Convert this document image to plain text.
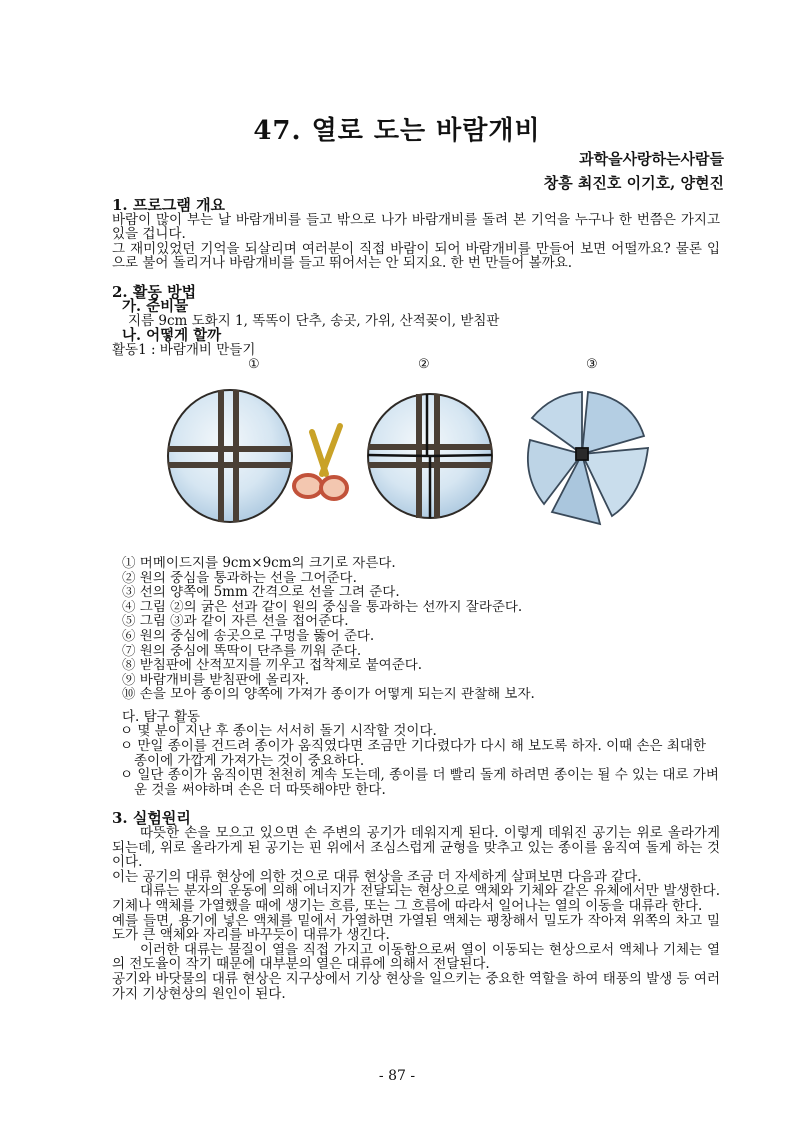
47. 열로 도는 바람개비
과학을사랑하는사람들
창흥 최진호 이기호, 양현진
1. 프로그램 개요
바람이 많이 부는 날 바람개비를 들고 밖으로 나가 바람개비를 돌려 본 기억을 누구나 한 번쯤은 가지고 있을 겁니다.
그 재미있었던 기억을 되살리며 여러분이 직접 바람이 되어 바람개비를 만들어 보면 어떨까요? 물론 입으로 불어 돌리거나 바람개비를 들고 뛰어서는 안 되지요. 한 번 만들어 볼까요.
2. 활동 방법
가. 준비물
지름 9cm 도화지 1, 똑똑이 단추, 송곳, 가위, 산적꽂이, 받침판
나. 어떻게 할까
활동1 : 바람개비 만들기
①	②	③
① 머메이드지를 9cm×9cm의 크기로 자른다.
② 원의 중심을 통과하는 선을 그어준다.
③ 선의 양쪽에 5mm 간격으로 선을 그려 준다.
④ 그림 ②의 굵은 선과 같이 원의 중심을 통과하는 선까지 잘라준다.
⑤ 그림 ③과 같이 자른 선을 접어준다.
⑥ 원의 중심에 송곳으로 구멍을 뚫어 준다.
⑦ 원의 중심에 똑딱이 단추를 끼워 준다.
⑧ 받침판에 산적꼬지를 끼우고 접착제로 붙여준다.
⑨ 바람개비를 받침판에 올리자.
⑩ 손을 모아 종이의 양쪽에 가져가 종이가 어떻게 되는지 관찰해 보자.
다. 탐구 활동
ㅇ 몇 분이 지난 후 종이는 서서히 돌기 시작할 것이다.
ㅇ 만일 종이를 건드려 종이가 움직였다면 조금만 기다렸다가 다시 해 보도록 하자. 이때 손은 최대한 종이에 가깝게 가져가는 것이 중요하다.
ㅇ 일단 종이가 움직이면 천천히 계속 도는데, 종이를 더 빨리 돌게 하려면 종이는 될 수 있는 대로 가벼운 것을 써야하며 손은 더 따뜻해야만 한다.
3. 실험원리
따뜻한 손을 모으고 있으면 손 주변의 공기가 데워지게 된다. 이렇게 데워진 공기는 위로 올라가게 되는데, 위로 올라가게 된 공기는 핀 위에서 조심스럽게 균형을 맞추고 있는 종이를 움직여 돌게 하는 것이다.
이는 공기의 대류 현상에 의한 것으로 대류 현상을 조금 더 자세하게 살펴보면 다음과 같다.
대류는 분자의 운동에 의해 에너지가 전달되는 현상으로 액체와 기체와 같은 유체에서만 발생한다. 기체나 액체를 가열했을 때에 생기는 흐름, 또는 그 흐름에 따라서 일어나는 열의 이동을 대류라 한다.
예를 들면, 용기에 넣은 액체를 밑에서 가열하면 가열된 액체는 팽창해서 밀도가 작아져 위쪽의 차고 밀도가 큰 액체와 자리를 바꾸듯이 대류가 생긴다.
이러한 대류는 물질이 열을 직접 가지고 이동함으로써 열이 이동되는 현상으로서 액체나 기체는 열의 전도율이 작기 때문에 대부분의 열은 대류에 의해서 전달된다.
공기와 바닷물의 대류 현상은 지구상에서 기상 현상을 일으키는 중요한 역할을 하여 태풍의 발생 등 여러 가지 기상현상의 원인이 된다.
- 87 -
